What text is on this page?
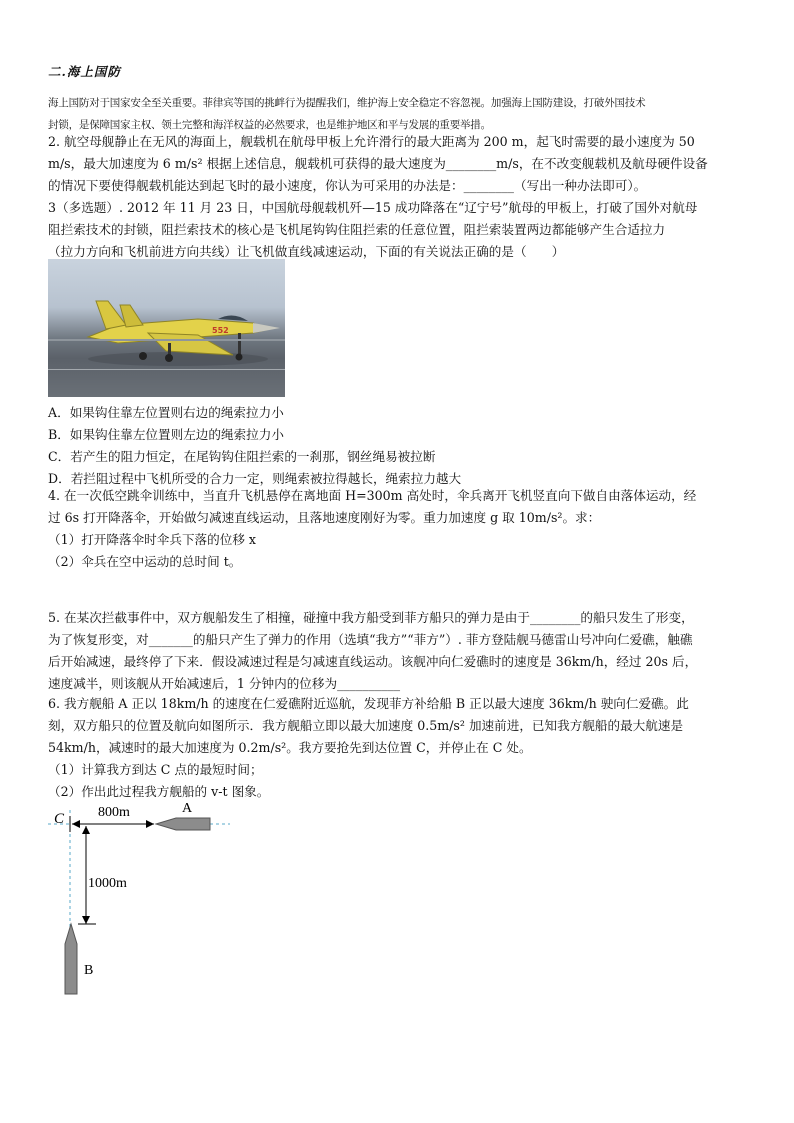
二.海上国防

海上国防对于国家安全至关重要。菲律宾等国的挑衅行为提醒我们，维护海上安全稳定不容忽视。加强海上国防建设，打破外国技术

封锁，是保障国家主权、领土完整和海洋权益的必然要求，也是维护地区和平与发展的重要举措。

2. 航空母舰静止在无风的海面上，舰载机在航母甲板上允许滑行的最大距离为 200 m，起飞时需要的最小速度为 50

m/s，最大加速度为 6 m/s² 根据上述信息，舰载机可获得的最大速度为________m/s，在不改变舰载机及航母硬件设备

的情况下要使得舰载机能达到起飞时的最小速度，你认为可采用的办法是：________（写出一种办法即可）。

3（多选题）. 2012 年 11 月 23 日，中国航母舰载机歼—15 成功降落在“辽宁号”航母的甲板上，打破了国外对航母

阻拦索技术的封锁，阻拦索技术的核心是飞机尾钩钩住阻拦索的任意位置，阻拦索装置两边都能够产生合适拉力

（拉力方向和飞机前进方向共线）让飞机做直线减速运动，下面的有关说法正确的是（　　）

552

A．如果钩住靠左位置则右边的绳索拉力小

B．如果钩住靠左位置则左边的绳索拉力小

C．若产生的阻力恒定，在尾钩钩住阻拦索的一刹那，钢丝绳易被拉断

D．若拦阻过程中飞机所受的合力一定，则绳索被拉得越长，绳索拉力越大

4. 在一次低空跳伞训练中，当直升飞机悬停在离地面 H=300m 高处时，伞兵离开飞机竖直向下做自由落体运动，经

过 6s 打开降落伞，开始做匀减速直线运动，且落地速度刚好为零。重力加速度 g 取 10m/s²。求：

（1）打开降落伞时伞兵下落的位移 x

（2）伞兵在空中运动的总时间 t。

5. 在某次拦截事件中，双方舰船发生了相撞，碰撞中我方船受到菲方船只的弹力是由于________的船只发生了形变，

为了恢复形变，对_______的船只产生了弹力的作用（选填“我方”“菲方”）. 菲方登陆舰马德雷山号冲向仁爱礁，触礁

后开始减速，最终停了下来．假设减速过程是匀减速直线运动。该舰冲向仁爱礁时的速度是 36km/h，经过 20s 后，

速度减半，则该舰从开始减速后，1 分钟内的位移为__________

6. 我方舰船 A 正以 18km/h 的速度在仁爱礁附近巡航，发现菲方补给船 B 正以最大速度 36km/h 驶向仁爱礁。此

刻，双方船只的位置及航向如图所示．我方舰船立即以最大加速度 0.5m/s² 加速前进，已知我方舰船的最大航速是

54km/h，减速时的最大加速度为 0.2m/s²。我方要抢先到达位置 C，并停止在 C 处。

（1）计算我方到达 C 点的最短时间；

（2）作出此过程我方舰船的 v-t 图象。

800m
1000m
C
A
B
